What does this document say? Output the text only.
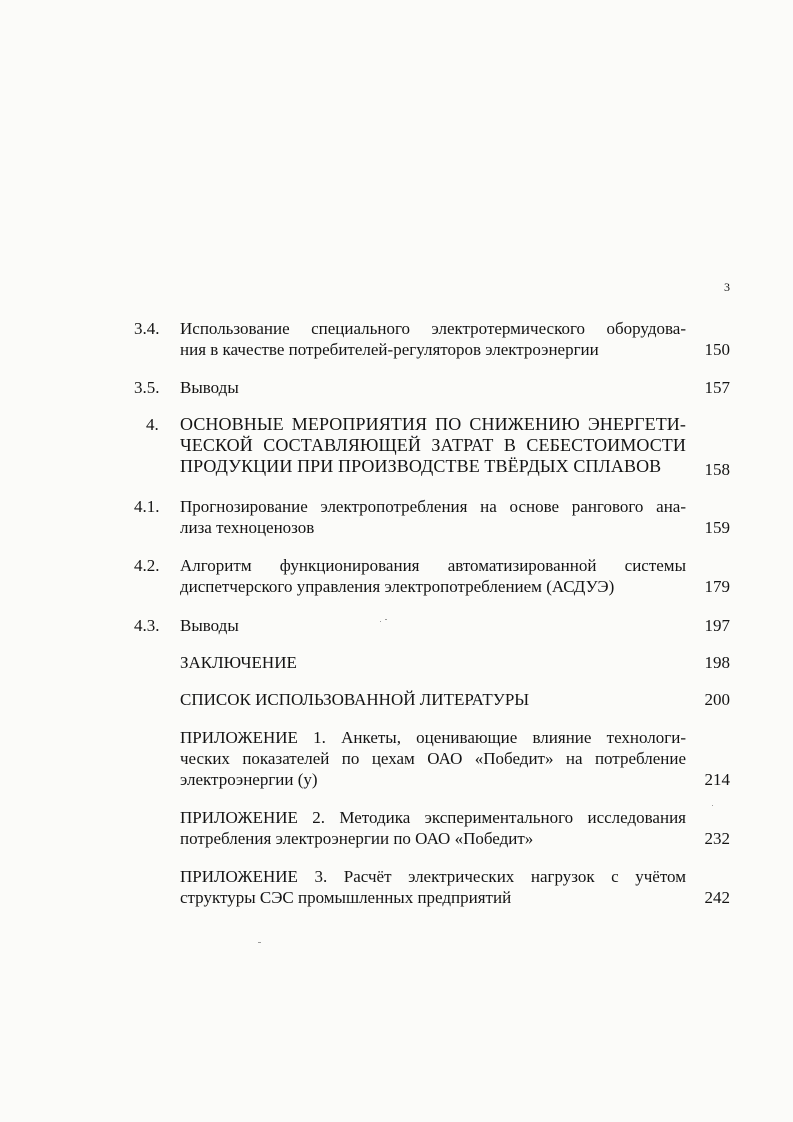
3
3.4.	Использование специального электротермического оборудова-
ния в качестве потребителей-регуляторов электроэнергии	150
3.5.	Выводы	157
4.	ОСНОВНЫЕ МЕРОПРИЯТИЯ ПО СНИЖЕНИЮ ЭНЕРГЕТИ-
ЧЕСКОЙ СОСТАВЛЯЮЩЕЙ ЗАТРАТ В СЕБЕСТОИМОСТИ
ПРОДУКЦИИ ПРИ ПРОИЗВОДСТВЕ ТВЁРДЫХ СПЛАВОВ	158
4.1.	Прогнозирование электропотребления на основе рангового ана-
лиза техноценозов	159
4.2.	Алгоритм функционирования автоматизированной системы
диспетчерского управления электропотреблением (АСДУЭ)	179
4.3.	Выводы	197
ЗАКЛЮЧЕНИЕ	198
СПИСОК ИСПОЛЬЗОВАННОЙ ЛИТЕРАТУРЫ	200
ПРИЛОЖЕНИЕ 1. Анкеты, оценивающие влияние технологи-
ческих показателей по цехам ОАО «Победит» на потребление
электроэнергии (у)	214
ПРИЛОЖЕНИЕ 2. Методика экспериментального исследования
потребления электроэнергии по ОАО «Победит»	232
ПРИЛОЖЕНИЕ 3. Расчёт электрических нагрузок с учётом
структуры СЭС промышленных предприятий	242
